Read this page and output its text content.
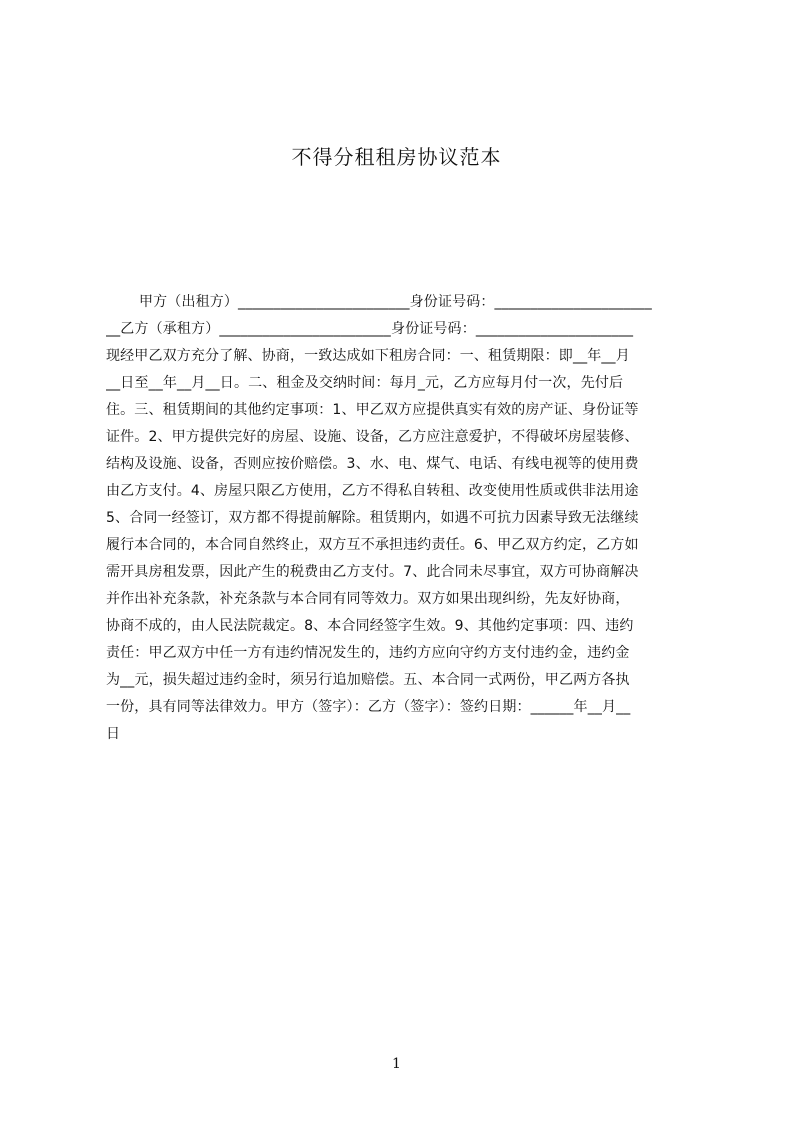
不得分租租房协议范本
甲方（出租方）________________________身份证号码：______________________
__乙方（承租方）________________________身份证号码：______________________
现经甲乙双方充分了解、协商，一致达成如下租房合同：一、租赁期限：即__年__月
__日至__年__月__日。二、租金及交纳时间：每月_元，乙方应每月付一次，先付后
住。三、租赁期间的其他约定事项：1、甲乙双方应提供真实有效的房产证、身份证等
证件。2、甲方提供完好的房屋、设施、设备，乙方应注意爱护，不得破坏房屋装修、
结构及设施、设备，否则应按价赔偿。3、水、电、煤气、电话、有线电视等的使用费
由乙方支付。4、房屋只限乙方使用，乙方不得私自转租、改变使用性质或供非法用途
5、合同一经签订，双方都不得提前解除。租赁期内，如遇不可抗力因素导致无法继续
履行本合同的，本合同自然终止，双方互不承担违约责任。6、甲乙双方约定，乙方如
需开具房租发票，因此产生的税费由乙方支付。7、此合同未尽事宜，双方可协商解决
并作出补充条款，补充条款与本合同有同等效力。双方如果出现纠纷，先友好协商，
协商不成的，由人民法院裁定。8、本合同经签字生效。9、其他约定事项：四、违约
责任：甲乙双方中任一方有违约情况发生的，违约方应向守约方支付违约金，违约金
为__元，损失超过违约金时，须另行追加赔偿。五、本合同一式两份，甲乙两方各执
一份，具有同等法律效力。甲方（签字）：乙方（签字）：签约日期：______年__月__
日
1
